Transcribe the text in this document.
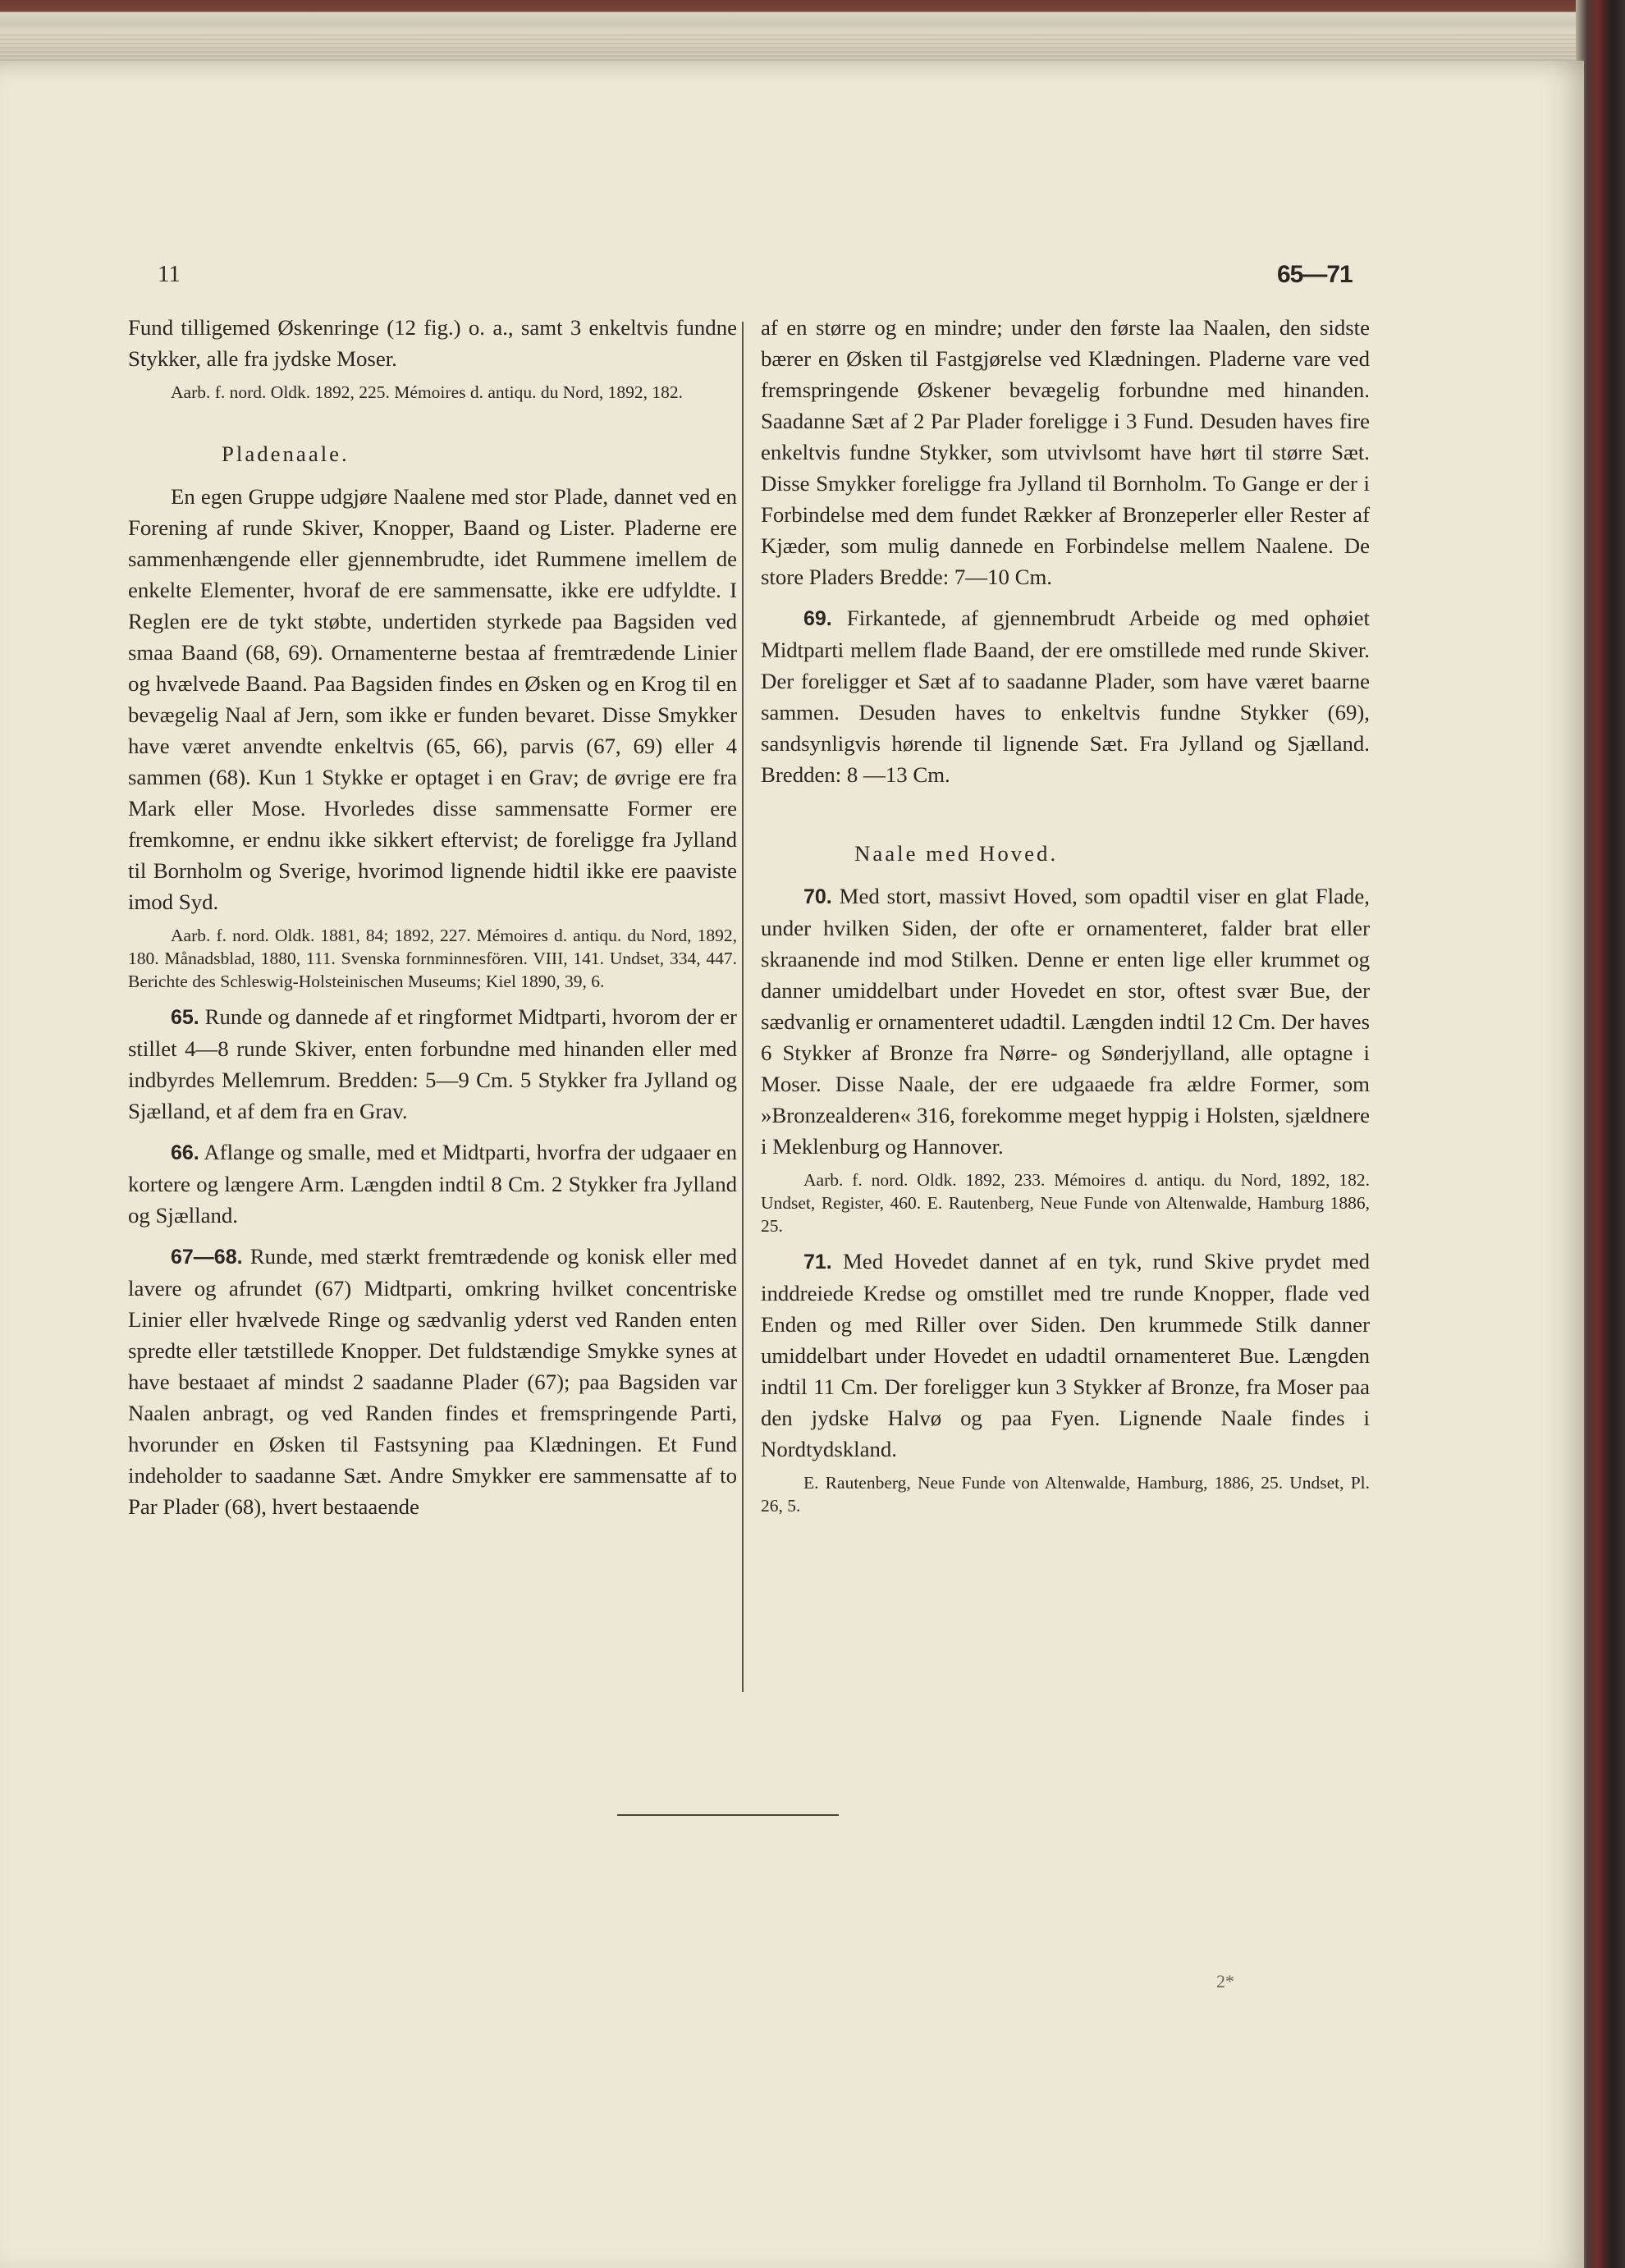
11	65—71

Fund tilligemed Øskenringe (12 fig.) o. a., samt 3 enkeltvis fundne Stykker, alle fra jydske Moser.

Aarb. f. nord. Oldk. 1892, 225. Mémoires d. antiqu. du Nord, 1892, 182.

Pladenaale.

En egen Gruppe udgjøre Naalene med stor Plade, dannet ved en Forening af runde Skiver, Knopper, Baand og Lister. Pladerne ere sammenhængende eller gjennembrudte, idet Rummene imellem de enkelte Elementer, hvoraf de ere sammensatte, ikke ere udfyldte. I Reglen ere de tykt støbte, undertiden styrkede paa Bagsiden ved smaa Baand (68, 69). Ornamenterne bestaa af fremtrædende Linier og hvælvede Baand. Paa Bagsiden findes en Øsken og en Krog til en bevægelig Naal af Jern, som ikke er funden bevaret. Disse Smykker have været anvendte enkeltvis (65, 66), parvis (67, 69) eller 4 sammen (68). Kun 1 Stykke er optaget i en Grav; de øvrige ere fra Mark eller Mose. Hvorledes disse sammensatte Former ere fremkomne, er endnu ikke sikkert eftervist; de foreligge fra Jylland til Bornholm og Sverige, hvorimod lignende hidtil ikke ere paaviste imod Syd.

Aarb. f. nord. Oldk. 1881, 84; 1892, 227. Mémoires d. antiqu. du Nord, 1892, 180. Månadsblad, 1880, 111. Svenska fornminnesfören. VIII, 141. Undset, 334, 447. Berichte des Schleswig-Holsteinischen Museums; Kiel 1890, 39, 6.

65. Runde og dannede af et ringformet Midtparti, hvorom der er stillet 4—8 runde Skiver, enten forbundne med hinanden eller med indbyrdes Mellemrum. Bredden: 5—9 Cm. 5 Stykker fra Jylland og Sjælland, et af dem fra en Grav.

66. Aflange og smalle, med et Midtparti, hvorfra der udgaaer en kortere og længere Arm. Længden indtil 8 Cm. 2 Stykker fra Jylland og Sjælland.

67—68. Runde, med stærkt fremtrædende og konisk eller med lavere og afrundet (67) Midtparti, omkring hvilket concentriske Linier eller hvælvede Ringe og sædvanlig yderst ved Randen enten spredte eller tætstillede Knopper. Det fuldstændige Smykke synes at have bestaaet af mindst 2 saadanne Plader (67); paa Bagsiden var Naalen anbragt, og ved Randen findes et fremspringende Parti, hvorunder en Øsken til Fastsyning paa Klædningen. Et Fund indeholder to saadanne Sæt. Andre Smykker ere sammensatte af to Par Plader (68), hvert bestaaende

af en større og en mindre; under den første laa Naalen, den sidste bærer en Øsken til Fastgjørelse ved Klædningen. Pladerne vare ved fremspringende Øskener bevægelig forbundne med hinanden. Saadanne Sæt af 2 Par Plader foreligge i 3 Fund. Desuden haves fire enkeltvis fundne Stykker, som utvivlsomt have hørt til større Sæt. Disse Smykker foreligge fra Jylland til Bornholm. To Gange er der i Forbindelse med dem fundet Rækker af Bronzeperler eller Rester af Kjæder, som mulig dannede en Forbindelse mellem Naalene. De store Pladers Bredde: 7—10 Cm.

69. Firkantede, af gjennembrudt Arbeide og med ophøiet Midtparti mellem flade Baand, der ere omstillede med runde Skiver. Der foreligger et Sæt af to saadanne Plader, som have været baarne sammen. Desuden haves to enkeltvis fundne Stykker (69), sandsynligvis hørende til lignende Sæt. Fra Jylland og Sjælland. Bredden: 8 —13 Cm.

Naale med Hoved.

70. Med stort, massivt Hoved, som opadtil viser en glat Flade, under hvilken Siden, der ofte er ornamenteret, falder brat eller skraanende ind mod Stilken. Denne er enten lige eller krummet og danner umiddelbart under Hovedet en stor, oftest svær Bue, der sædvanlig er ornamenteret udadtil. Længden indtil 12 Cm. Der haves 6 Stykker af Bronze fra Nørre- og Sønderjylland, alle optagne i Moser. Disse Naale, der ere udgaaede fra ældre Former, som »Bronzealderen« 316, forekomme meget hyppig i Holsten, sjældnere i Meklenburg og Hannover.

Aarb. f. nord. Oldk. 1892, 233. Mémoires d. antiqu. du Nord, 1892, 182. Undset, Register, 460. E. Rautenberg, Neue Funde von Altenwalde, Hamburg 1886, 25.

71. Med Hovedet dannet af en tyk, rund Skive prydet med inddreiede Kredse og omstillet med tre runde Knopper, flade ved Enden og med Riller over Siden. Den krummede Stilk danner umiddelbart under Hovedet en udadtil ornamenteret Bue. Længden indtil 11 Cm. Der foreligger kun 3 Stykker af Bronze, fra Moser paa den jydske Halvø og paa Fyen. Lignende Naale findes i Nordtydskland.

E. Rautenberg, Neue Funde von Altenwalde, Hamburg, 1886, 25. Undset, Pl. 26, 5.

2*
